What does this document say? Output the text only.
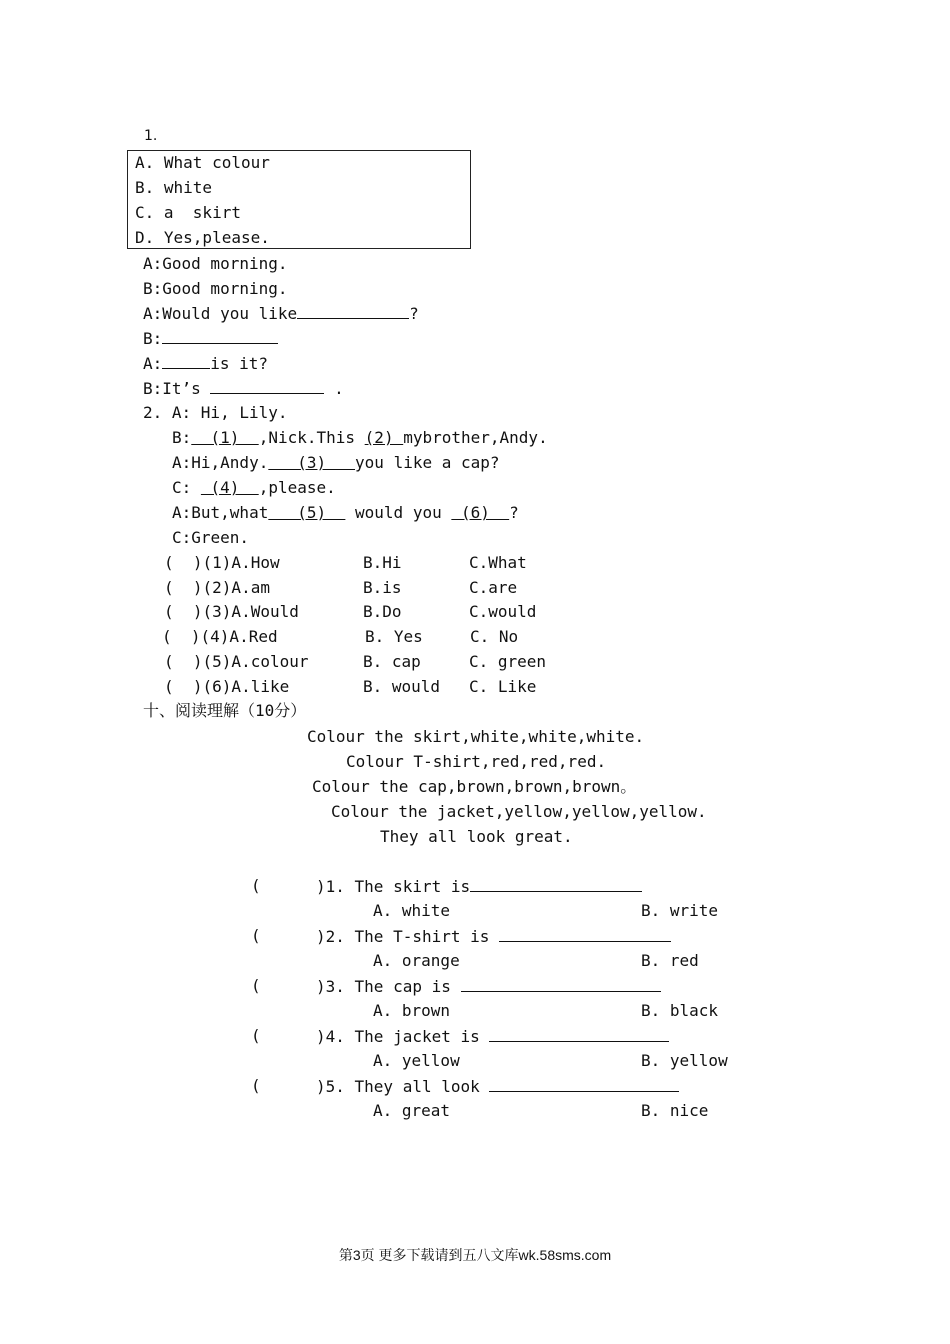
1.
A. What colour
B. white
C. a  skirt
D. Yes,please.
A:Good morning.
B:Good morning.
A:Would you like	?
B:
A:	is it?
B:It’s	.
2. A: Hi, Lily.
B:  (1)  ,Nick.This (2) mybrother,Andy.
A:Hi,Andy.   (3)   you like a cap?
C:  (4)  ,please.
A:But,what   (5)   would you  (6)  ?
C:Green.
(  )(1)A.How	B.Hi	C.What
(  )(2)A.am	B.is	C.are
(  )(3)A.Would	B.Do	C.would
(  )(4)A.Red	B. Yes	C. No
(  )(5)A.colour	B. cap	C. green
(  )(6)A.like	B. would C. Like
十、阅读理解（10分）
Colour the skirt,white,white,white.
Colour T-shirt,red,red,red.
Colour the cap,brown,brown,brown。
Colour the jacket,yellow,yellow,yellow.
They all look great.
(	)1. The skirt is
A. white	B. write
(	)2. The T-shirt is
A. orange	B. red
(	)3. The cap is
A. brown	B. black
(	)4. The jacket is
A. yellow	B. yellow
(	)5. They all look
A. great	B. nice
第3页 更多下载请到五八文库wk.58sms.com
